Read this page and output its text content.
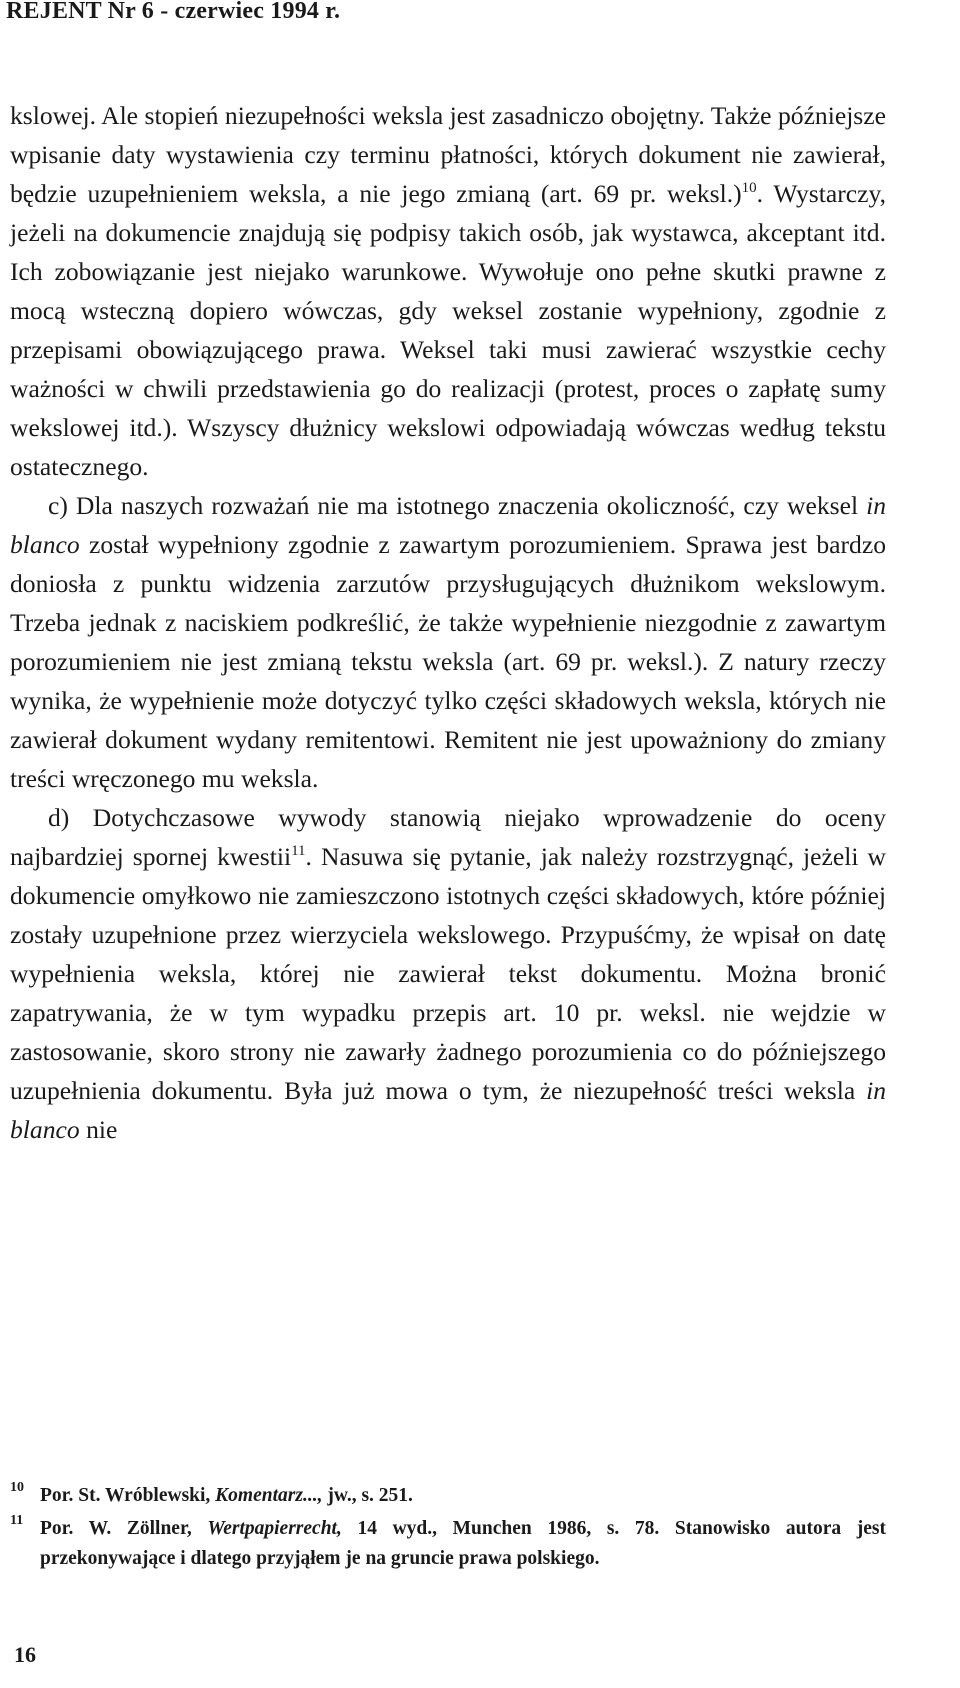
REJENT Nr 6 - czerwiec 1994 r.

kslowej. Ale stopień niezupełności weksla jest zasadniczo obojętny. Także późniejsze wpisanie daty wystawienia czy terminu płatności, których dokument nie zawierał, będzie uzupełnieniem weksla, a nie jego zmianą (art. 69 pr. weksl.)$^{10}$. Wystarczy, jeżeli na dokumencie znajdują się podpisy takich osób, jak wystawca, akceptant itd. Ich zobowiązanie jest niejako warunkowe. Wywołuje ono pełne skutki prawne z mocą wsteczną dopiero wówczas, gdy weksel zostanie wypełniony, zgodnie z przepisami obowiązującego prawa. Weksel taki musi zawierać wszystkie cechy ważności w chwili przedstawienia go do realizacji (protest, proces o zapłatę sumy wekslowej itd.). Wszyscy dłużnicy wekslowi odpowiadają wówczas według tekstu ostatecznego.

c) Dla naszych rozważań nie ma istotnego znaczenia okoliczność, czy weksel in blanco został wypełniony zgodnie z zawartym porozumieniem. Sprawa jest bardzo doniosła z punktu widzenia zarzutów przysługujących dłużnikom wekslowym. Trzeba jednak z naciskiem podkreślić, że także wypełnienie niezgodnie z zawartym porozumieniem nie jest zmianą tekstu weksla (art. 69 pr. weksl.). Z natury rzeczy wynika, że wypełnienie może dotyczyć tylko części składowych weksla, których nie zawierał dokument wydany remitentowi. Remitent nie jest upoważniony do zmiany treści wręczonego mu weksla.

d) Dotychczasowe wywody stanowią niejako wprowadzenie do oceny najbardziej spornej kwestii$^{11}$. Nasuwa się pytanie, jak należy rozstrzygnąć, jeżeli w dokumencie omyłkowo nie zamieszczono istotnych części składowych, które później zostały uzupełnione przez wierzyciela wekslowego. Przypuśćmy, że wpisał on datę wypełnienia weksla, której nie zawierał tekst dokumentu. Można bronić zapatrywania, że w tym wypadku przepis art. 10 pr. weksl. nie wejdzie w zastosowanie, skoro strony nie zawarły żadnego porozumienia co do późniejszego uzupełnienia dokumentu. Była już mowa o tym, że niezupełność treści weksla in blanco nie

10 Por. St. Wróblewski, Komentarz..., jw., s. 251.
11 Por. W. Zöllner, Wertpapierrecht, 14 wyd., Munchen 1986, s. 78. Stanowisko autora jest przekonywające i dlatego przyjąłem je na gruncie prawa polskiego.
16
